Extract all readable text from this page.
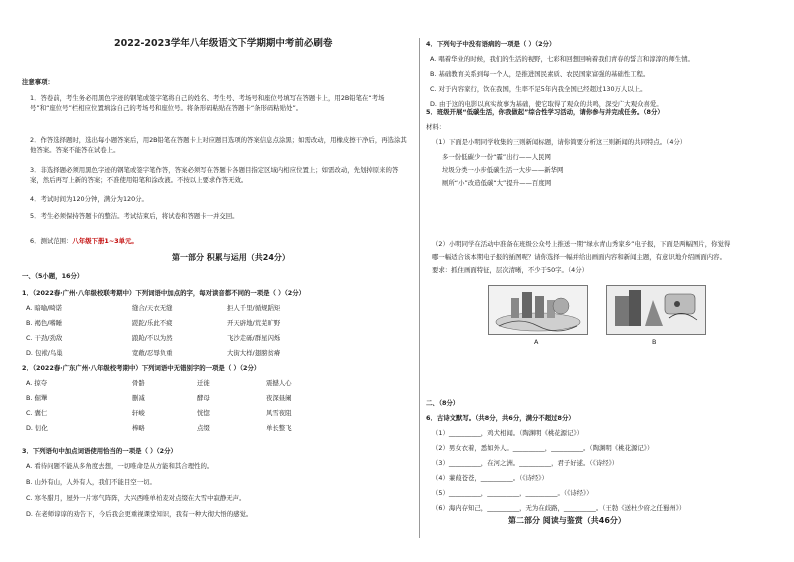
2022-2023学年八年级语文下学期期中考前必刷卷
注意事项：
1．答卷前，考生务必用黑色字迹的钢笔或签字笔将自己的姓名、考生号、考场号和座位号填写在答题卡上，用2B铅笔在“考场号”和“座位号”栏相应位置填涂自己的考场号和座位号。将条形码粘贴在答题卡“条形码粘贴处”。
2．作答选择题时，选出每小题答案后，用2B铅笔在答题卡上对应题目选项的答案信息点涂黑；如需改动，用橡皮擦干净后，再选涂其他答案。答案不能答在试卷上。
3．非选择题必须用黑色字迹的钢笔或签字笔作答，答案必须写在答题卡各题目指定区域内相应位置上；如需改动，先划掉原来的答案，然后再写上新的答案；不准使用铅笔和涂改液。不按以上要求作答无效。
4．考试时间为120分钟，满分为120分。
5．考生必须保持答题卡的整洁。考试结束后，将试卷和答题卡一并交回。
6．测试范围：八年级下册1~3单元。
第一部分 积累与运用（共24分）
一、（5小题，16分）
1．（2022春·广州·八年级校联考期中）下列词语中加点的字，每对读音都不同的一项是（ ）（2分）
A. 暗喻/畸诺	缝合/天衣无缝	拒人千里/循规蹈矩
B. 褐色/嗜睡	蹉跎/乐此不疲	开天辟地/荒芜旷野
C. 干劲/劲敌	踉跄/不以为然	飞沙走砾/群星闪烁
D. 包袱/鸟巢	宽敞/忍辱负重	大街大样/翅膀贫瘠
2．（2022春·广东广州·八年级校考期中）下列词语中无错别字的一项是（ ）（2分）
A. 掠夺	骨骼	迁徙	震撼人心
B. 倔犟	删减	酵母	夜深昼阑
C. 囊仁	轩峻	恍惚	风雪夜阻
D. 衍化	棒略	点缀	单长整飞
3．下列语句中加点词语使用恰当的一项是（ ）（2分）
A. 看待问题不能从多角度去想，一切唯命是从方能和其合理性的。
B. 山外有山，人外有人，我们不能目空一切。
C. 寒冬腊月，屋外一片寒气阵阵，大兴西唯单柏麦对点缀在大雪中寂静无声。
D. 在老师谆谆的劝告下，今后我会更重视课堂知识，我有一种大彻大悟的感觉。
4．下列句子中没有语病的一项是（ ）（2分）
A. 唱着华业的时候，我们的生活的视野，七彩和回想回响着我们青春的誓言和淳淳的师生情。
B. 基础教育关系到每一个人，是推进国民素质、农民国家富强的基础性工程。
C. 对于内容家行，饮在我国，生率不足5年内我全国已经超过130万人以上。
D. 由于这的电影以真实故事为基础，使它取得了观众的共鸣，深受广大观众喜爱。
5．班级开展“低碳生活，你我做起”综合性学习活动，请你参与并完成任务。（8分）
材料：
（1）下面是小明同学收集的三则新闻标题，请你简要分析这三则新闻的共同特点。（4分）
多一份低碳少一份“霾”出行——人民网
垃圾分类一小步低碳生活一大步——新华网
厕所“小”改造低碳“大”提升——百度网
（2）小明同学在活动中准备在班级公众号上推送一期“绿水青山秀家乡”电子报，下面是两幅图片，你觉得
哪一幅适合该本期电子报的插图呢？请你选择一幅并给出画面内容和新闻主题，有意识地介绍画面内容。
要求：抓住画面特征，层次清晰，不少于50字。（4分）
A	B
二、（8分）
6．古诗文默写。（共8分，共6分，满分不超过8分）
（1）__________，鸡犬相闻。（陶渊明《桃花源记》）
（2）男女衣着，悉如外人。__________，__________。（陶渊明《桃花源记》）
（3）__________，在河之洲。__________，君子好逑。（《诗经》）
（4）蒹葭苍苍，__________。（《诗经》）
（5）__________，__________，__________。（《诗经》）
（6）海内存知己，__________，无为在歧路，__________。（王勃《送杜少府之任蜀州》）
第二部分 阅读与鉴赏（共46分）
